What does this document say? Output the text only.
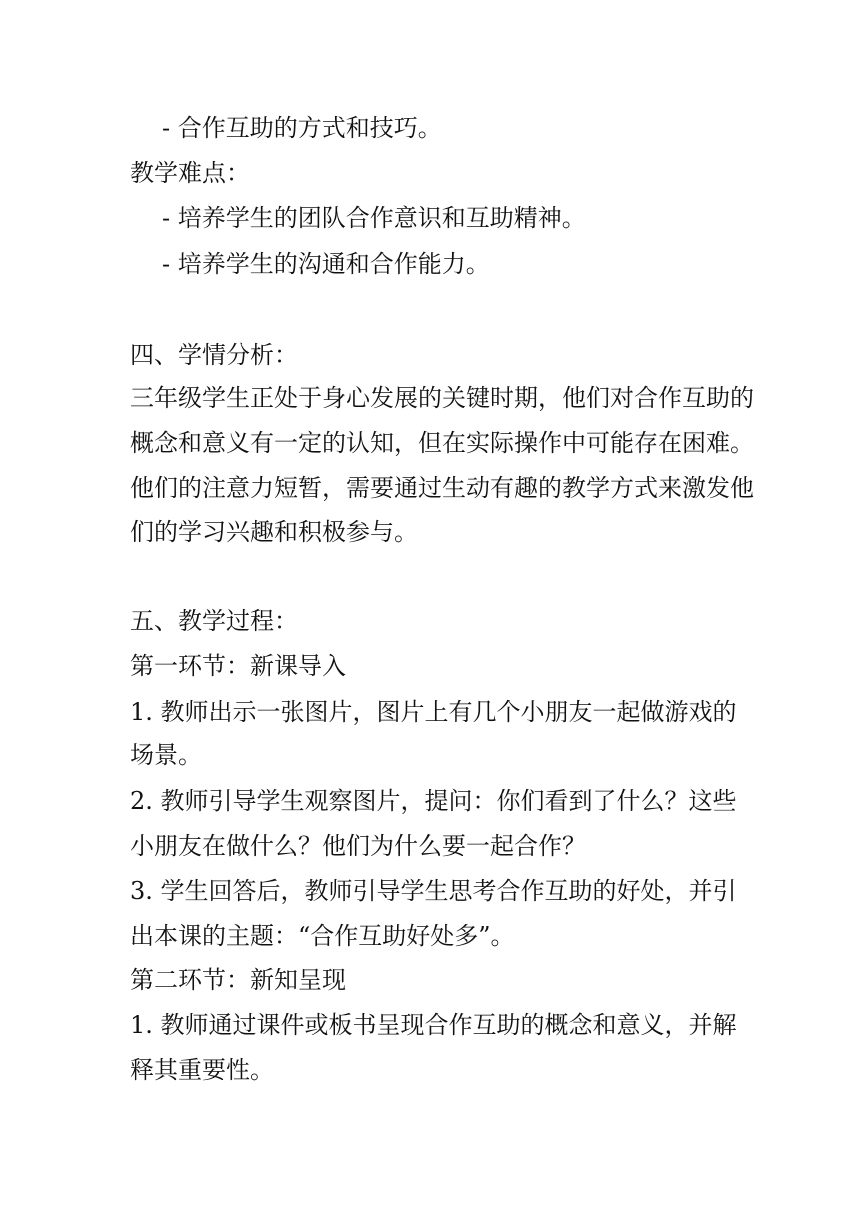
- 合作互助的方式和技巧。
教学难点：
- 培养学生的团队合作意识和互助精神。
- 培养学生的沟通和合作能力。
四、学情分析：
三年级学生正处于身心发展的关键时期，他们对合作互助的
概念和意义有一定的认知，但在实际操作中可能存在困难。
他们的注意力短暂，需要通过生动有趣的教学方式来激发他
们的学习兴趣和积极参与。
五、教学过程：
第一环节：新课导入
1. 教师出示一张图片，图片上有几个小朋友一起做游戏的
场景。
2. 教师引导学生观察图片，提问：你们看到了什么？这些
小朋友在做什么？他们为什么要一起合作？
3. 学生回答后，教师引导学生思考合作互助的好处，并引
出本课的主题：“合作互助好处多”。
第二环节：新知呈现
1. 教师通过课件或板书呈现合作互助的概念和意义，并解
释其重要性。
